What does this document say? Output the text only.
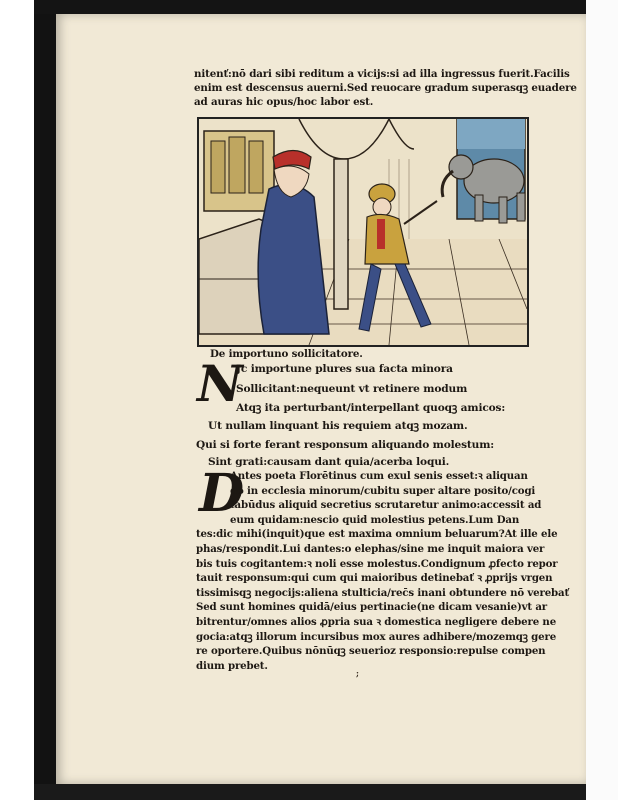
nitenť:nō dari sibi reditum a vicijs:si ad illa ingressus fuerit.Facilis
enim est descensus auerni.Sed reuocare gradum superasqꝫ euadere
ad auras hic opus/hoc labor est.
De importuno sollicitatore.
N
Jc importune plures sua facta minora
Sollicitant:nequeunt vt retinere modum
Atqꝫ ita perturbant/interpellant quoqꝫ amicos:
Ut nullam linquant his requiem atqꝫ mozam.
Qui si forte ferant responsum aliquando molestum:
Sint grati:causam dant quia/acerba loqui.
D
Antes poeta Florētinus cum exul senis esset:ꝛ aliquan
do in ecclesia minorum/cubitu super altare posito/cogi
tabūdus aliquid secretius scrutaretur animo:accessit ad
eum quidam:nescio quid molestius petens.Lum Dan
tes:dic mihi(inquit)que est maxima omnium beluarum?At ille ele
phas/respondit.Lui dantes:o elephas/sine me inquit maiora ver
bis tuis cogitantem:ꝛ noli esse molestus.Condignum ꝓfecto repor
tauit responsum:qui cum qui maioribus detinebať ꝛ ꝓprijs vrgen
tissimisqꝫ negocijs:aliena stulticia/rec̄s inani obtundere nō verebať
Sed sunt homines quidā/eius pertinacie(ne dicam vesanie)vt ar
bitrentur/omnes alios ꝓpria sua ꝛ domestica negligere debere ne
gocia:atqꝫ illorum incursibus mox aures adhibere/mozemqꝫ gere
re oportere.Quibus nōnūqꝫ seuerioz responsio:repulse compen
dium prebet.
;
